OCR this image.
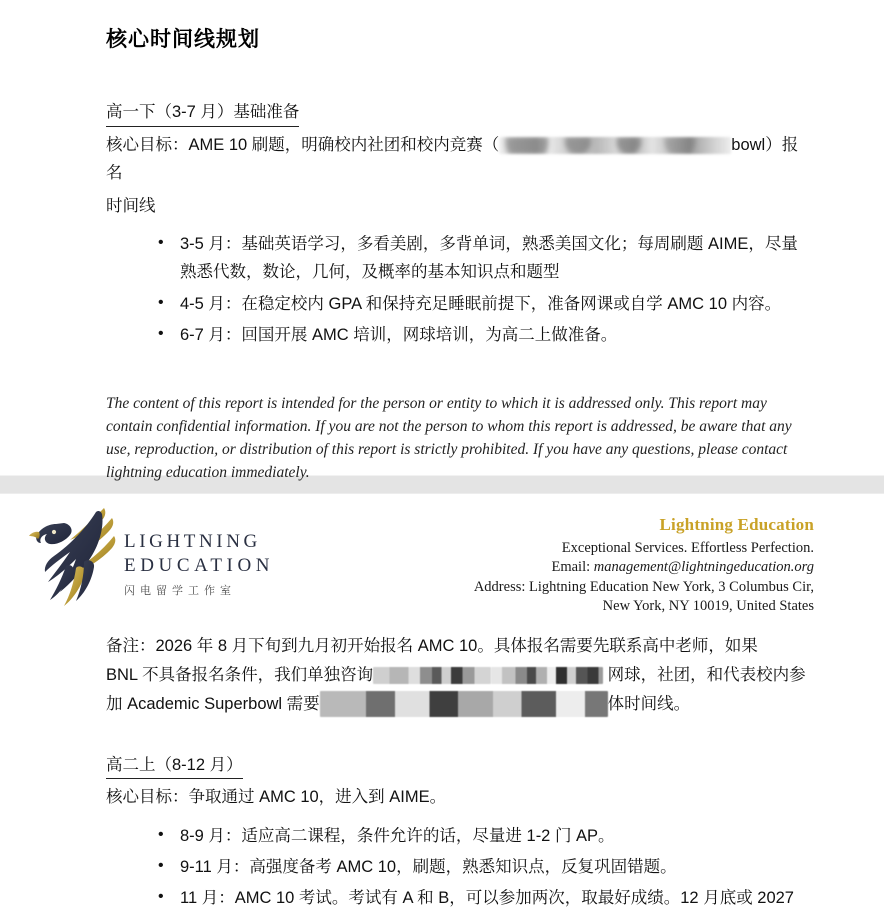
核心时间线规划
高一下（3-7 月）基础准备

核心目标：AME 10 刷题，明确校内社团和校内竞赛（	bowl）报名

时间线

• 3-5 月：基础英语学习，多看美剧，多背单词，熟悉美国文化；每周刷题 AIME，尽量熟悉代数，数论，几何，及概率的基本知识点和题型
• 4-5 月：在稳定校内 GPA 和保持充足睡眠前提下，准备网课或自学 AMC 10 内容。
• 6-7 月：回国开展 AMC 培训，网球培训，为高二上做准备。

The content of this report is intended for the person or entity to which it is addressed only. This report may contain confidential information. If you are not the person to whom this report is addressed, be aware that any use, reproduction, or distribution of this report is strictly prohibited. If you have any questions, please contact lightning education immediately.

LIGHTNING
EDUCATION
闪电留学工作室
Lightning Education
Exceptional Services. Effortless Perfection.
Email: management@lightningeducation.org
Address: Lightning Education New York, 3 Columbus Cir,
New York, NY 10019, United States

备注：2026 年 8 月下旬到九月初开始报名 AMC 10。具体报名需要先联系高中老师，如果
BNL 不具备报名条件，我们单独咨询	网球，社团，和代表校内参
加 Academic Superbowl 需要	体时间线。

高二上（8-12 月）

核心目标：争取通过 AMC 10，进入到 AIME。

• 8-9 月：适应高二课程，条件允许的话，尽量进 1-2 门 AP。
• 9-11 月：高强度备考 AMC 10，刷题，熟悉知识点，反复巩固错题。
• 11 月：AMC 10 考试。考试有 A 和 B，可以参加两次，取最好成绩。12 月底或 2027
